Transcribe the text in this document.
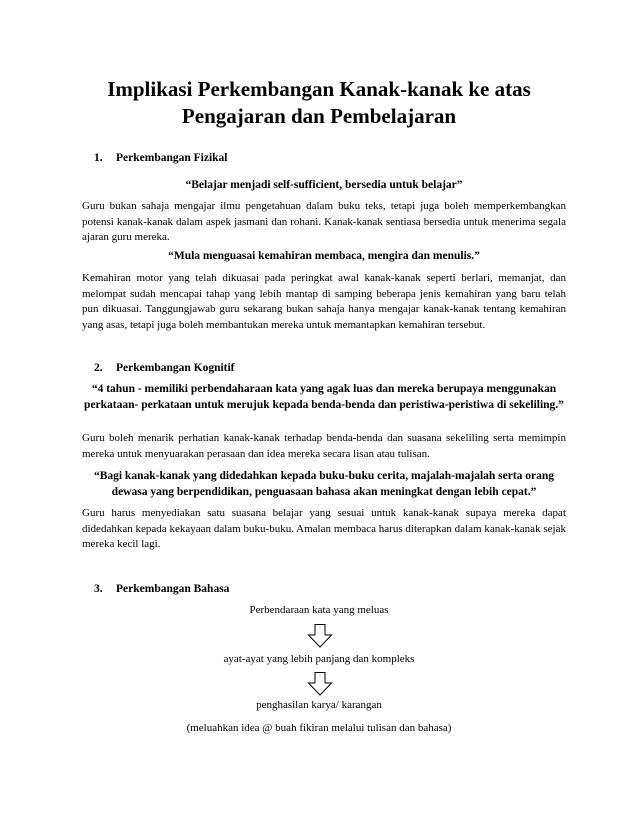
Implikasi Perkembangan Kanak-kanak ke atas
Pengajaran dan Pembelajaran
1. Perkembangan Fizikal

“Belajar menjadi self-sufficient, bersedia untuk belajar”

Guru bukan sahaja mengajar ilmu pengetahuan dalam buku teks, tetapi juga boleh memperkembangkan potensi kanak-kanak dalam aspek jasmani dan rohani. Kanak-kanak sentiasa bersedia untuk menerima segala ajaran guru mereka.

“Mula menguasai kemahiran membaca, mengira dan menulis.”

Kemahiran motor yang telah dikuasai pada peringkat awal kanak-kanak seperti berlari, memanjat, dan melompat sudah mencapai tahap yang lebih mantap di samping beberapa jenis kemahiran yang baru telah pun dikuasai. Tanggungjawab guru sekarang bukan sahaja hanya mengajar kanak-kanak tentang kemahiran yang asas, tetapi juga boleh membantukan mereka untuk memantapkan kemahiran tersebut.

2. Perkembangan Kognitif

“4 tahun - memiliki perbendaharaan kata yang agak luas dan mereka berupaya menggunakan perkataan- perkataan untuk merujuk kepada benda-benda dan peristiwa-peristiwa di sekeliling.”

Guru boleh menarik perhatian kanak-kanak terhadap benda-benda dan suasana sekeliling serta memimpin mereka untuk menyuarakan perasaan dan idea mereka secara lisan atau tulisan.

“Bagi kanak-kanak yang didedahkan kepada buku-buku cerita, majalah-majalah serta orang dewasa yang berpendidikan, penguasaan bahasa akan meningkat dengan lebih cepat.”

Guru harus menyediakan satu suasana belajar yang sesuai untuk kanak-kanak supaya mereka dapat didedahkan kepada kekayaan dalam buku-buku. Amalan membaca harus diterapkan dalam kanak-kanak sejak mereka kecil lagi.

3. Perkembangan Bahasa

Perbendaraan kata yang meluas

ayat-ayat yang lebih panjang dan kompleks

penghasilan karya/ karangan

(meluahkan idea @ buah fikiran melalui tulisan dan bahasa)
